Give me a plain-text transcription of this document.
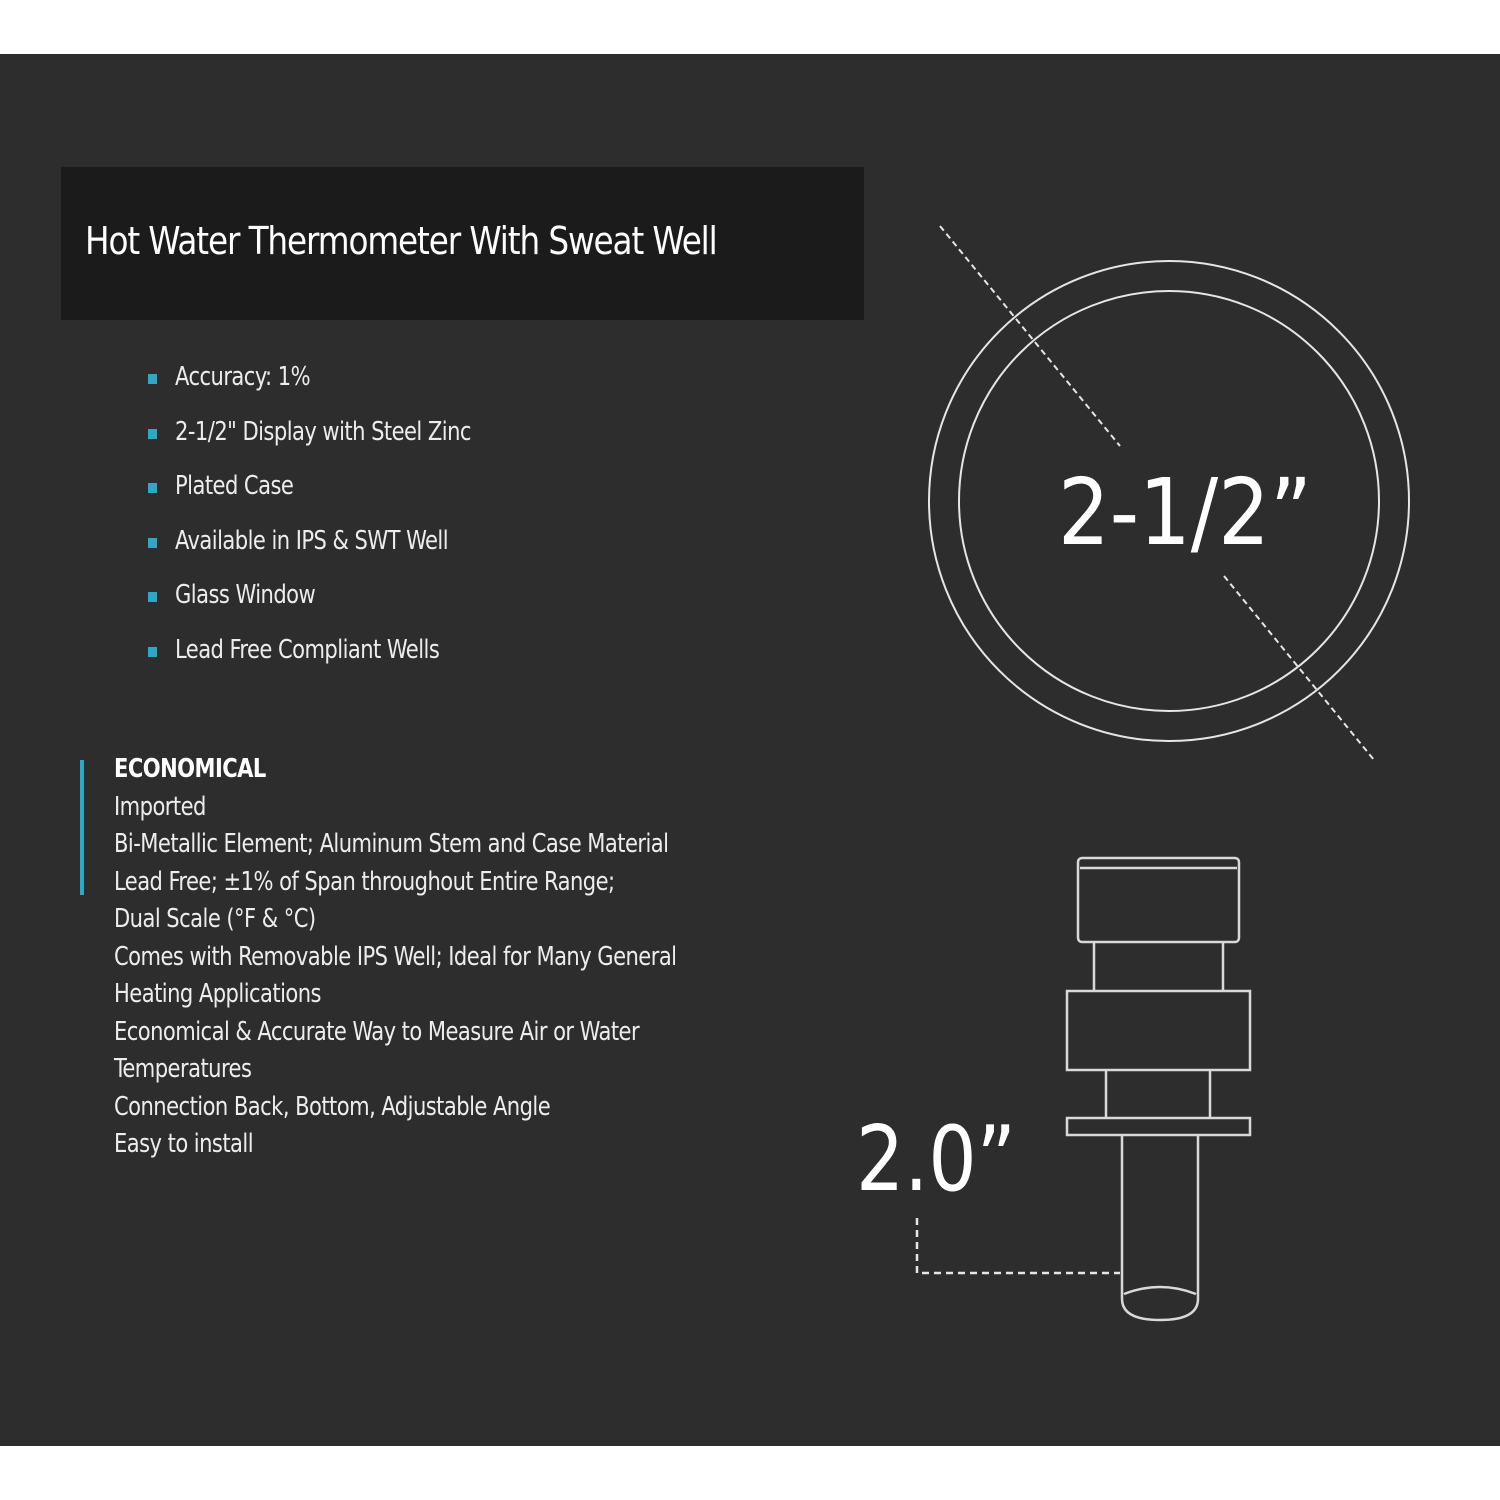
Hot Water Thermometer With Sweat Well
Accuracy: 1%
2-1/2" Display with Steel Zinc
Plated Case
Available in IPS & SWT Well
Glass Window
Lead Free Compliant Wells
ECONOMICAL
Imported
Bi-Metallic Element; Aluminum Stem and Case Material
Lead Free; ±1% of Span throughout Entire Range;
Dual Scale (°F & °C)
Comes with Removable IPS Well; Ideal for Many General
Heating Applications
Economical & Accurate Way to Measure Air or Water
Temperatures
Connection Back, Bottom, Adjustable Angle
Easy to install
2-1/2”
2.0”
